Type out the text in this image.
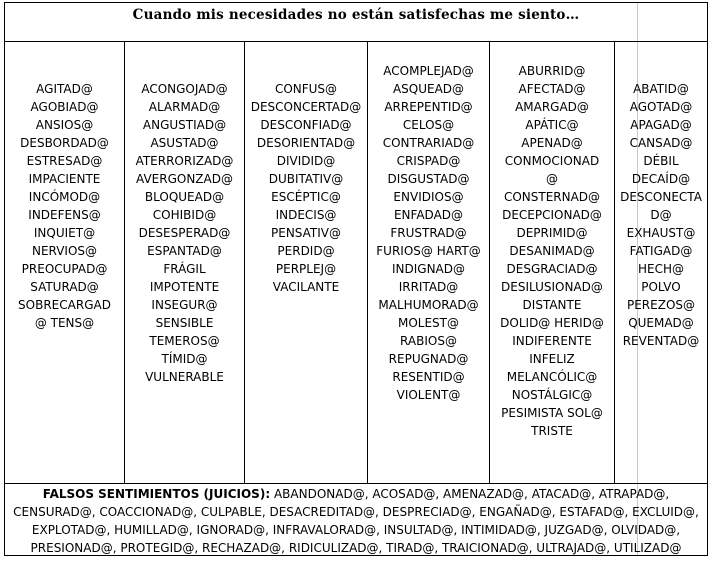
Cuando mis necesidades no están satisfechas me siento…
AGITAD@
AGOBIAD@
ANSIOS@
DESBORDAD@
ESTRESAD@
IMPACIENTE
INCÓMOD@
INDEFENS@
INQUIET@
NERVIOS@
PREOCUPAD@
SATURAD@
SOBRECARGAD
@ TENS@
ACONGOJAD@
ALARMAD@
ANGUSTIAD@
ASUSTAD@
ATERRORIZAD@
AVERGONZAD@
BLOQUEAD@
COHIBID@
DESESPERAD@
ESPANTAD@
FRÁGIL
IMPOTENTE
INSEGUR@
SENSIBLE
TEMEROS@
TÍMID@
VULNERABLE
CONFUS@
DESCONCERTAD@
DESCONFIAD@
DESORIENTAD@
DIVIDID@
DUBITATIV@
ESCÉPTIC@
INDECIS@
PENSATIV@
PERDID@
PERPLEJ@
VACILANTE
ACOMPLEJAD@
ASQUEAD@
ARREPENTID@
CELOS@
CONTRARIAD@
CRISPAD@
DISGUSTAD@
ENVIDIOS@
ENFADAD@
FRUSTRAD@
FURIOS@ HART@
INDIGNAD@
IRRITAD@
MALHUMORAD@
MOLEST@
RABIOS@
REPUGNAD@
RESENTID@
VIOLENT@
ABURRID@
AFECTAD@
AMARGAD@
APÁTIC@
APENAD@
CONMOCIONAD
@
CONSTERNAD@
DECEPCIONAD@
DEPRIMID@
DESANIMAD@
DESGRACIAD@
DESILUSIONAD@
DISTANTE
DOLID@ HERID@
INDIFERENTE
INFELIZ
MELANCÓLIC@
NOSTÁLGIC@
PESIMISTA SOL@
TRISTE
ABATID@
AGOTAD@
APAGAD@
CANSAD@
DÉBIL
DECAÍD@
DESCONECTA
D@
EXHAUST@
FATIGAD@
HECH@
POLVO
PEREZOS@
QUEMAD@
REVENTAD@
FALSOS SENTIMIENTOS (JUICIOS): ABANDONAD@, ACOSAD@, AMENAZAD@, ATACAD@, ATRAPAD@, CENSURAD@, COACCIONAD@, CULPABLE, DESACREDITAD@, DESPRECIAD@, ENGAÑAD@, ESTAFAD@, EXCLUID@, EXPLOTAD@, HUMILLAD@, IGNORAD@, INFRAVALORAD@, INSULTAD@, INTIMIDAD@, JUZGAD@, OLVIDAD@, PRESIONAD@, PROTEGID@, RECHAZAD@, RIDICULIZAD@, TIRAD@, TRAICIONAD@, ULTRAJAD@, UTILIZAD@
